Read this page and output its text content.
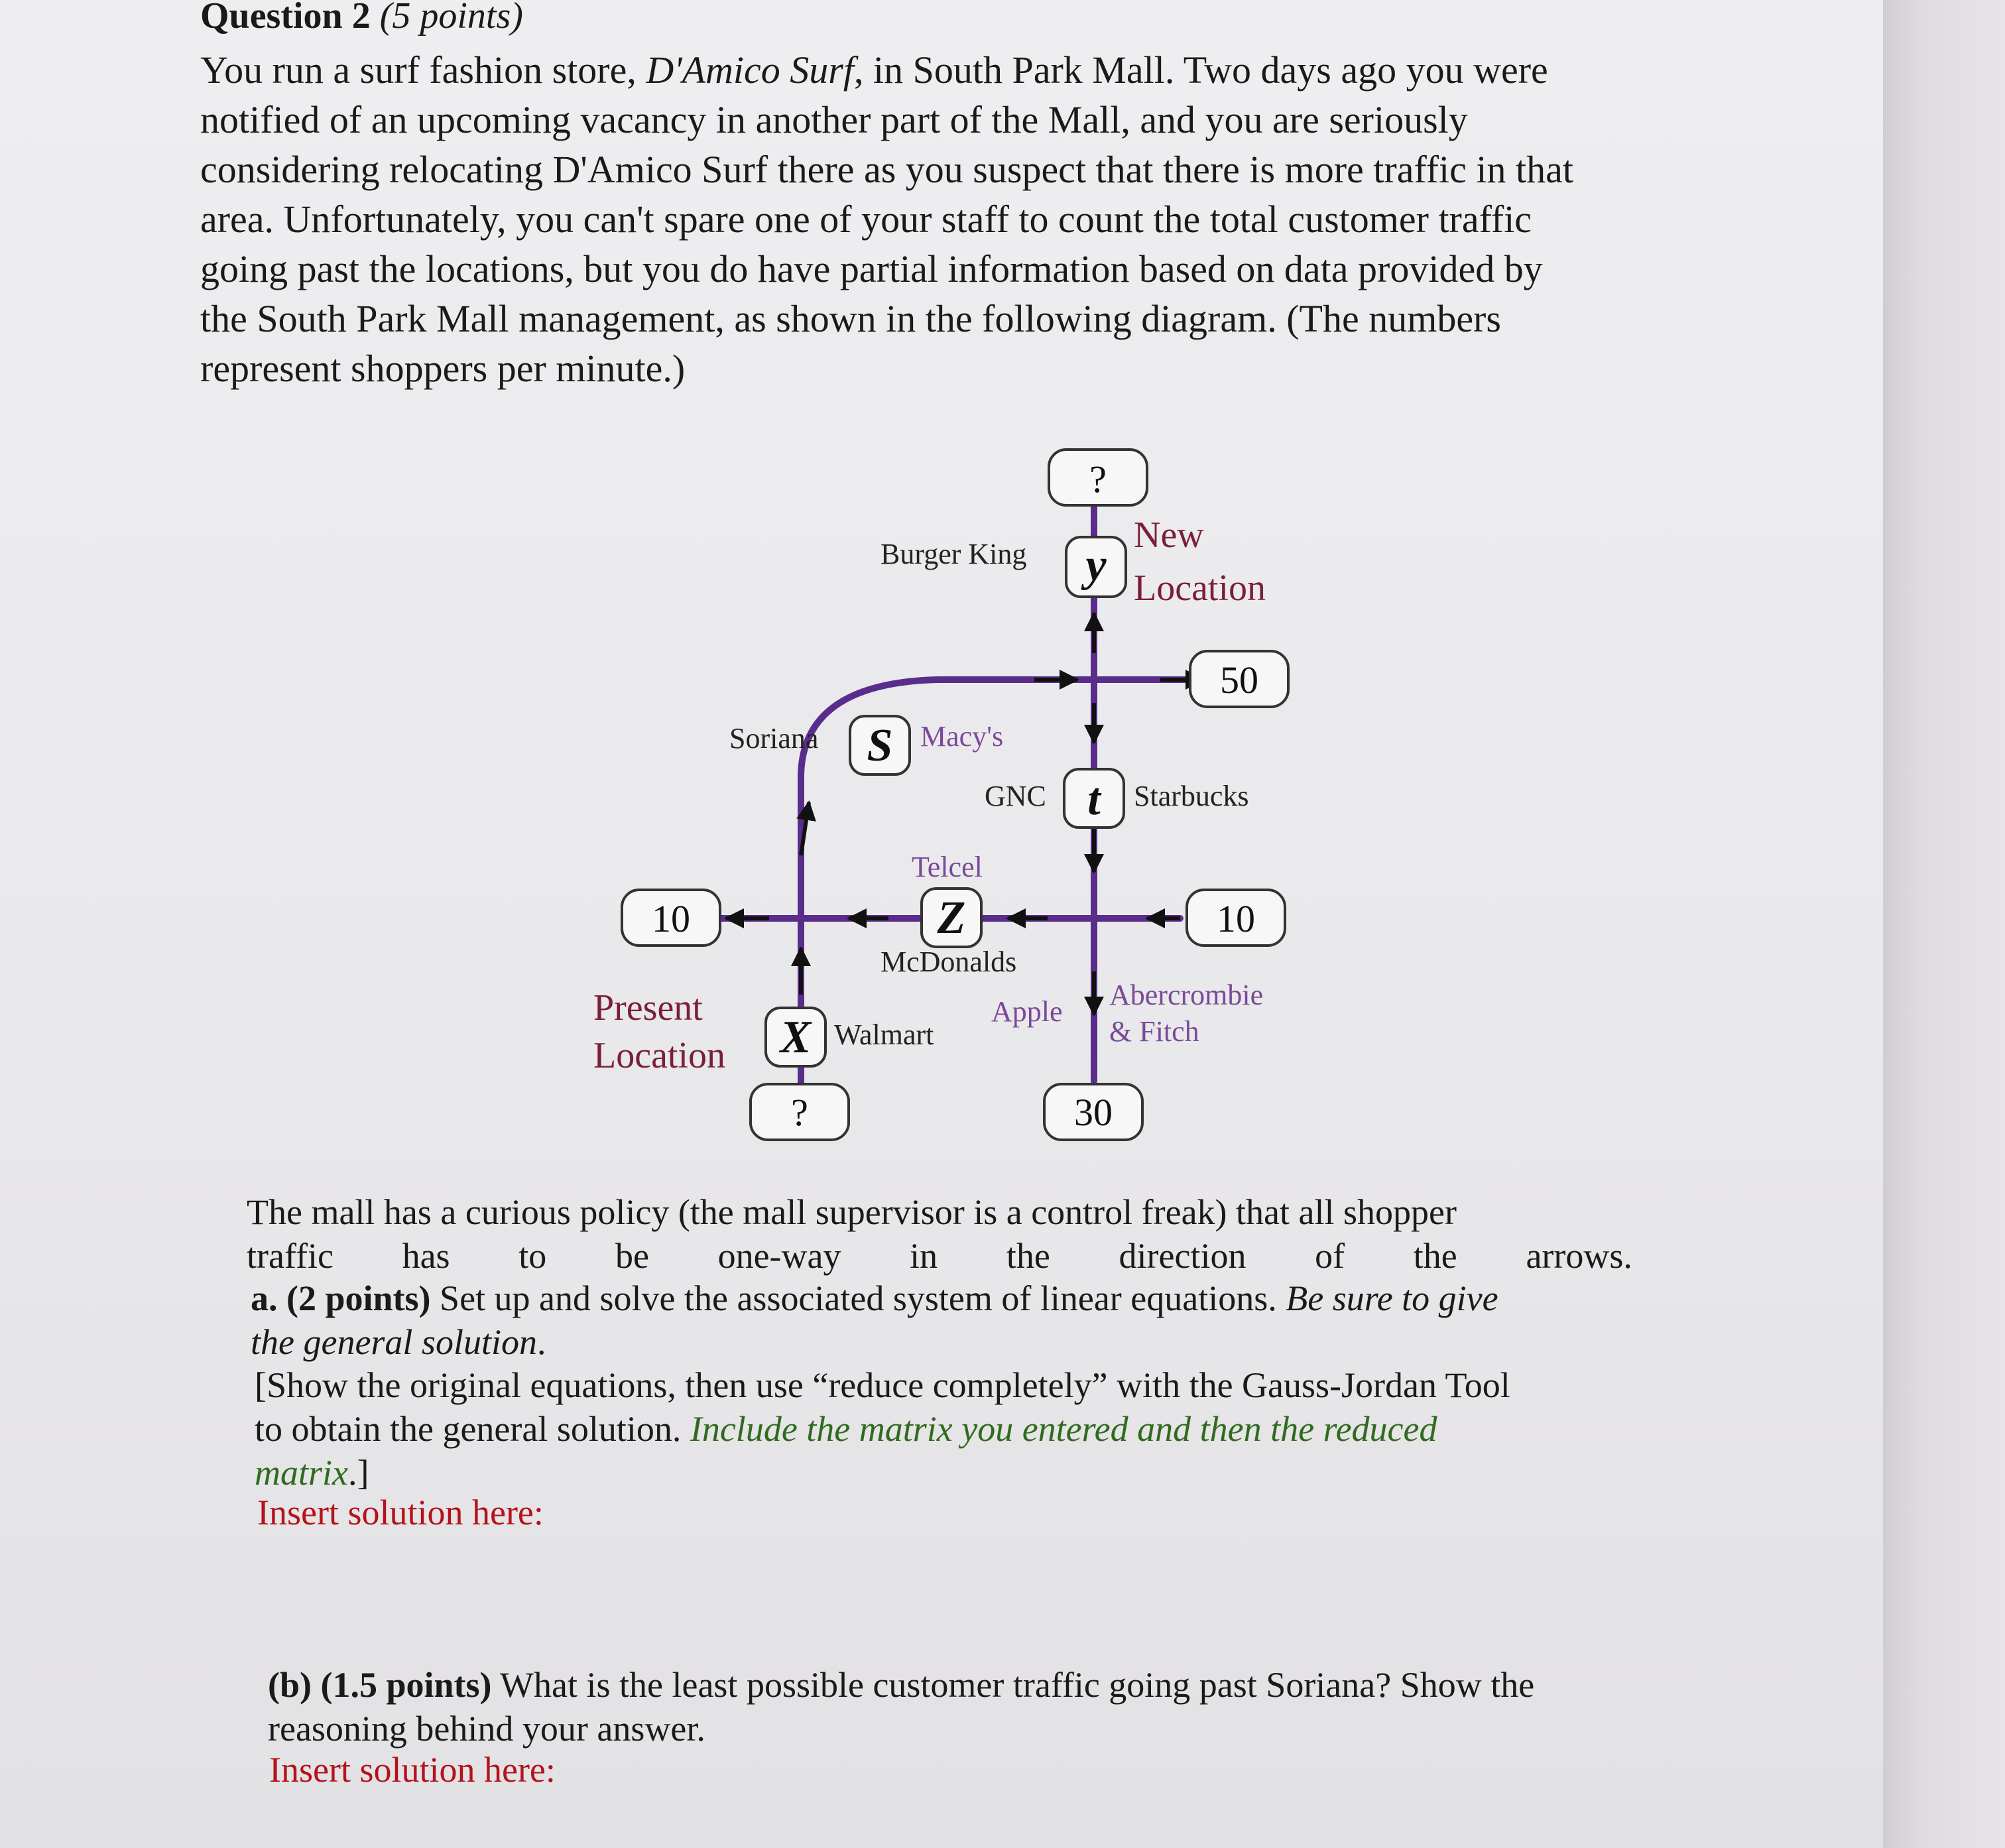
Question 2 (5 points)
You run a surf fashion store, D'Amico Surf, in South Park Mall. Two days ago you were
notified of an upcoming vacancy in another part of the Mall, and you are seriously
considering relocating D'Amico Surf there as you suspect that there is more traffic in that
area. Unfortunately, you can't spare one of your staff to count the total customer traffic
going past the locations, but you do have partial information based on data provided by
the South Park Mall management, as shown in the following diagram. (The numbers
represent shoppers per minute.)
?
50
10	10
?	30
S
y
t
Z
X
Burger King
Soriana	Macy's
GNC	Starbucks
Telcel
McDonalds
Apple
Walmart
Abercrombie
& Fitch
New
Location
Present
Location
The mall has a curious policy (the mall supervisor is a control freak) that all shopper
traffic has to be one-way in the direction of the arrows.
a. (2 points) Set up and solve the associated system of linear equations. Be sure to give
the general solution.
[Show the original equations, then use “reduce completely” with the Gauss-Jordan Tool
to obtain the general solution. Include the matrix you entered and then the reduced
matrix.]
Insert solution here:
(b) (1.5 points) What is the least possible customer traffic going past Soriana? Show the
reasoning behind your answer.
Insert solution here:
